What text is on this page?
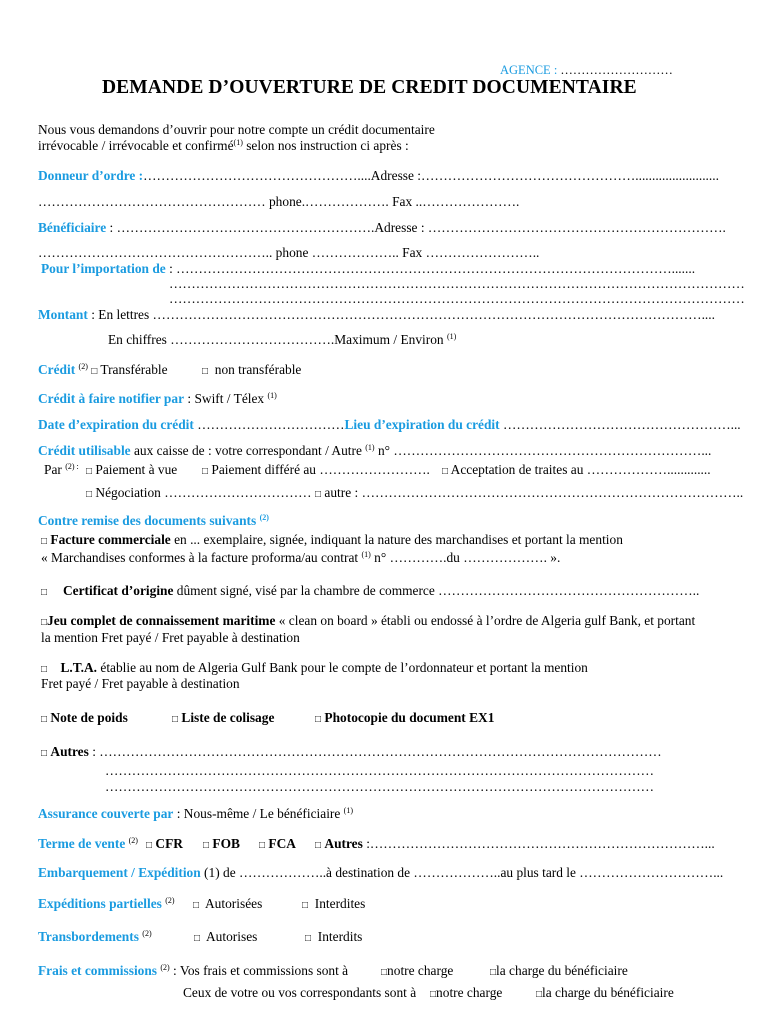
AGENCE : ………………………
DEMANDE D’OUVERTURE DE CREDIT DOCUMENTAIRE
Nous vous demandons d’ouvrir pour notre compte un crédit documentaire
irrévocable / irrévocable et confirmé$^{(1)}$ selon nos instruction ci après :
Donneur d’ordre :…………………………………………....Adresse :………………………………………….........................
…………………………………………… phone.………………. Fax ..………………….
Bénéficiaire : ………………………………………………….Adresse : ………………………………………………………….
…………………………………………….. phone ……………….. Fax ……………………..
Pour l’importation de : ………………………………………………………………………………………………….......
…………………………………………………………………………………………………………………
…………………………………………………………………………………………………………………
Montant : En lettres ……………………………………………………………………………………………………………....
En chiffres ……………………………….Maximum / Environ $^{(1)}$
Crédit $^{(2)}$ □ Transférable	□ non transférable
Crédit à faire notifier par : Swift / Télex $^{(1)}$
Date d’expiration du crédit ……………………………Lieu d’expiration du crédit ……………………………………………...
Crédit utilisable aux caisse de : votre correspondant / Autre $^{(1)}$ n° ……………………………………………………………...
Par $^{(2) :}$ □ Paiement à vue □ Paiement différé au ……………………. □ Acceptation de traites au ……………….............
□ Négociation …………………………… □ autre : …………………………………………………………………………..
Contre remise des documents suivants $^{(2)}$
□ Facture commerciale en ... exemplaire, signée, indiquant la nature des marchandises et portant la mention
« Marchandises conformes à la facture proforma/au contrat $^{(1)}$ n° ………….du ………………. ».
□ Certificat d’origine dûment signé, visé par la chambre de commerce …………………………………………………..
□Jeu complet de connaissement maritime « clean on board » établi ou endossé à l’ordre de Algeria gulf Bank, et portant
la mention Fret payé / Fret payable à destination
□ L.T.A. établie au nom de Algeria Gulf Bank pour le compte de l’ordonnateur et portant la mention
Fret payé / Fret payable à destination
□ Note de poids	□ Liste de colisage	□ Photocopie du document EX1
□ Autres : ………………………………………………………………………………………………………………
……………………………………………………………………………………………………………
……………………………………………………………………………………………………………
Assurance couverte par : Nous-même / Le bénéficiaire $^{(1)}$
Terme de vente $^{(2)}$ □ CFR □ FOB □ FCA □ Autres :…………………………………………………………………...
Embarquement / Expédition (1) de ………………..à destination de ………………..au plus tard le …………………………...
Expéditions partielles $^{(2)}$ □ Autorisées	□ Interdites
Transbordements $^{(2)}$	□ Autorises	□ Interdits
Frais et commissions $^{(2)}$ : Vos frais et commissions sont à	□notre charge	□la charge du bénéficiaire
Ceux de votre ou vos correspondants sont à □notre charge	□la charge du bénéficiaire
